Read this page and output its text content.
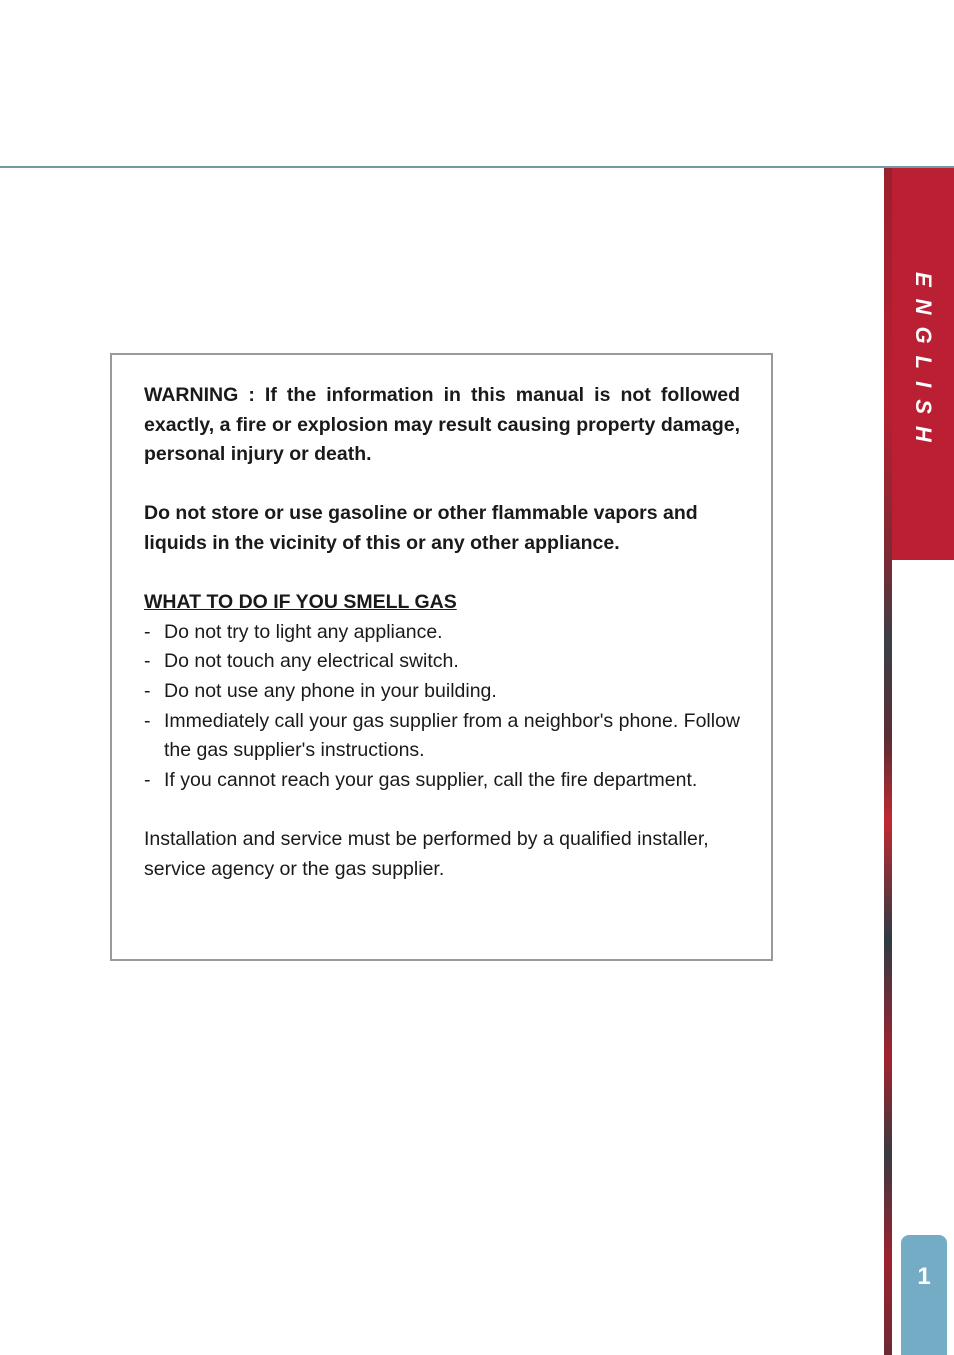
ENGLISH
1

WARNING : If the information in this manual is not followed exactly, a fire or explosion may result causing property damage, personal injury or death.

Do not store or use gasoline or other flammable vapors and liquids in the vicinity of this or any other appliance.

WHAT TO DO IF YOU SMELL GAS

- Do not try to light any appliance.
- Do not touch any electrical switch.
- Do not use any phone in your building.
- Immediately call your gas supplier from a neighbor's phone. Follow the gas supplier's instructions.
- If you cannot reach your gas supplier, call the fire department.

Installation and service must be performed by a qualified installer, service agency or the gas supplier.
